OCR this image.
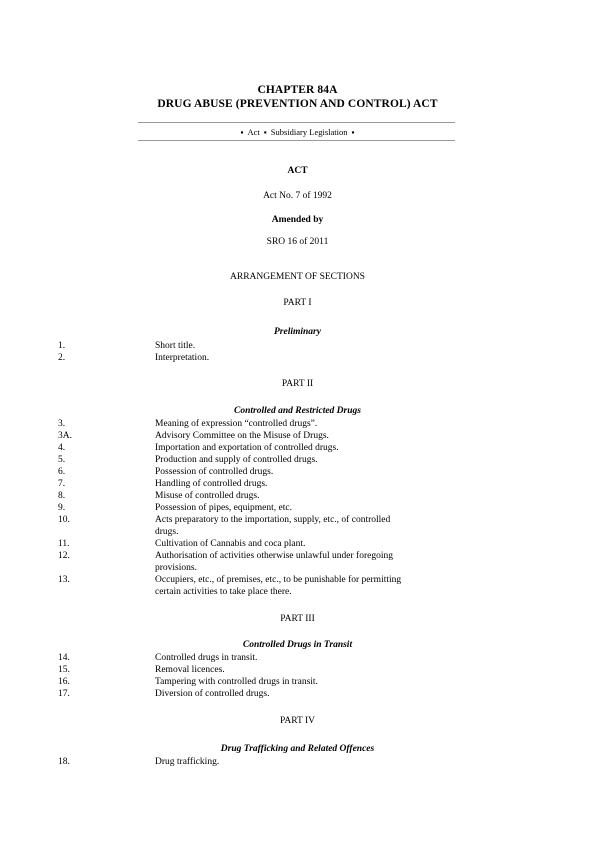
CHAPTER 84A
DRUG ABUSE (PREVENTION AND CONTROL) ACT
▪ Act ▪ Subsidiary Legislation ▪
ACT
Act No. 7 of 1992
Amended by
SRO 16 of 2011
ARRANGEMENT OF SECTIONS
PART I
Preliminary
1.	Short title.
2.	Interpretation.
PART II
Controlled and Restricted Drugs
3.	Meaning of expression “controlled drugs”.
3A.	Advisory Committee on the Misuse of Drugs.
4.	Importation and exportation of controlled drugs.
5.	Production and supply of controlled drugs.
6.	Possession of controlled drugs.
7.	Handling of controlled drugs.
8.	Misuse of controlled drugs.
9.	Possession of pipes, equipment, etc.
10.	Acts preparatory to the importation, supply, etc., of controlled
drugs.
11.	Cultivation of Cannabis and coca plant.
12.	Authorisation of activities otherwise unlawful under foregoing
provisions.
13.	Occupiers, etc., of premises, etc., to be punishable for permitting
certain activities to take place there.
PART III
Controlled Drugs in Transit
14.	Controlled drugs in transit.
15.	Removal licences.
16.	Tampering with controlled drugs in transit.
17.	Diversion of controlled drugs.
PART IV
Drug Trafficking and Related Offences
18.	Drug trafficking.
